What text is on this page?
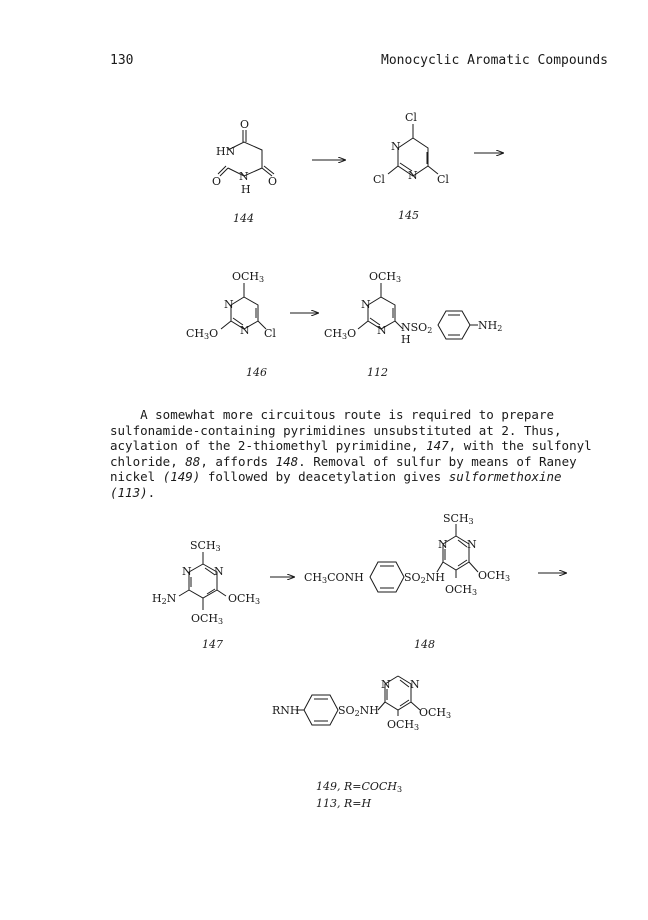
130	Monocyclic Aromatic Compounds
O
HN
O N
H
O
Cl
N
N
Cl	Cl
144	145
OCH3
N
N
CH3O	Cl
OCH3
N
N
CH3O	NSO2
H
NH2
146	112
SCH3
N N
H2N	OCH3
OCH3
CH3CONH	SO2NH
SCH3
N N
OCH3
OCH3
147	148
RNH	SO2NH
N N
OCH3
OCH3
149, R=COCH3
113, R=H

A somewhat more circuitous route is required to prepare sulfonamide-containing pyrimidines unsubstituted at 2. Thus, acylation of the 2-thiomethyl pyrimidine, 147, with the sulfonyl chloride, 88, affords 148. Removal of sulfur by means of Raney nickel (149) followed by deacetylation gives sulformethoxine (113).
